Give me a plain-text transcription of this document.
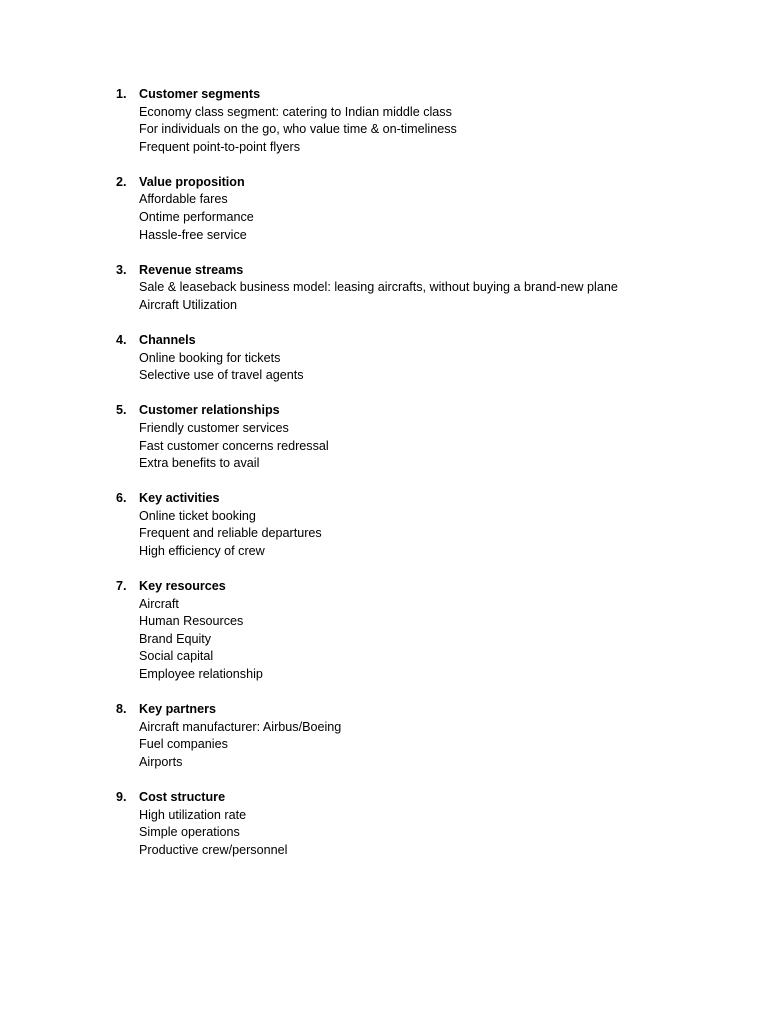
1. Customer segments
Economy class segment: catering to Indian middle class
For individuals on the go, who value time & on-timeliness
Frequent point-to-point flyers
2. Value proposition
Affordable fares
Ontime performance
Hassle-free service
3. Revenue streams
Sale & leaseback business model: leasing aircrafts, without buying a brand-new plane
Aircraft Utilization
4. Channels
Online booking for tickets
Selective use of travel agents
5. Customer relationships
Friendly customer services
Fast customer concerns redressal
Extra benefits to avail
6. Key activities
Online ticket booking
Frequent and reliable departures
High efficiency of crew
7. Key resources
Aircraft
Human Resources
Brand Equity
Social capital
Employee relationship
8. Key partners
Aircraft manufacturer: Airbus/Boeing
Fuel companies
Airports
9. Cost structure
High utilization rate
Simple operations
Productive crew/personnel
